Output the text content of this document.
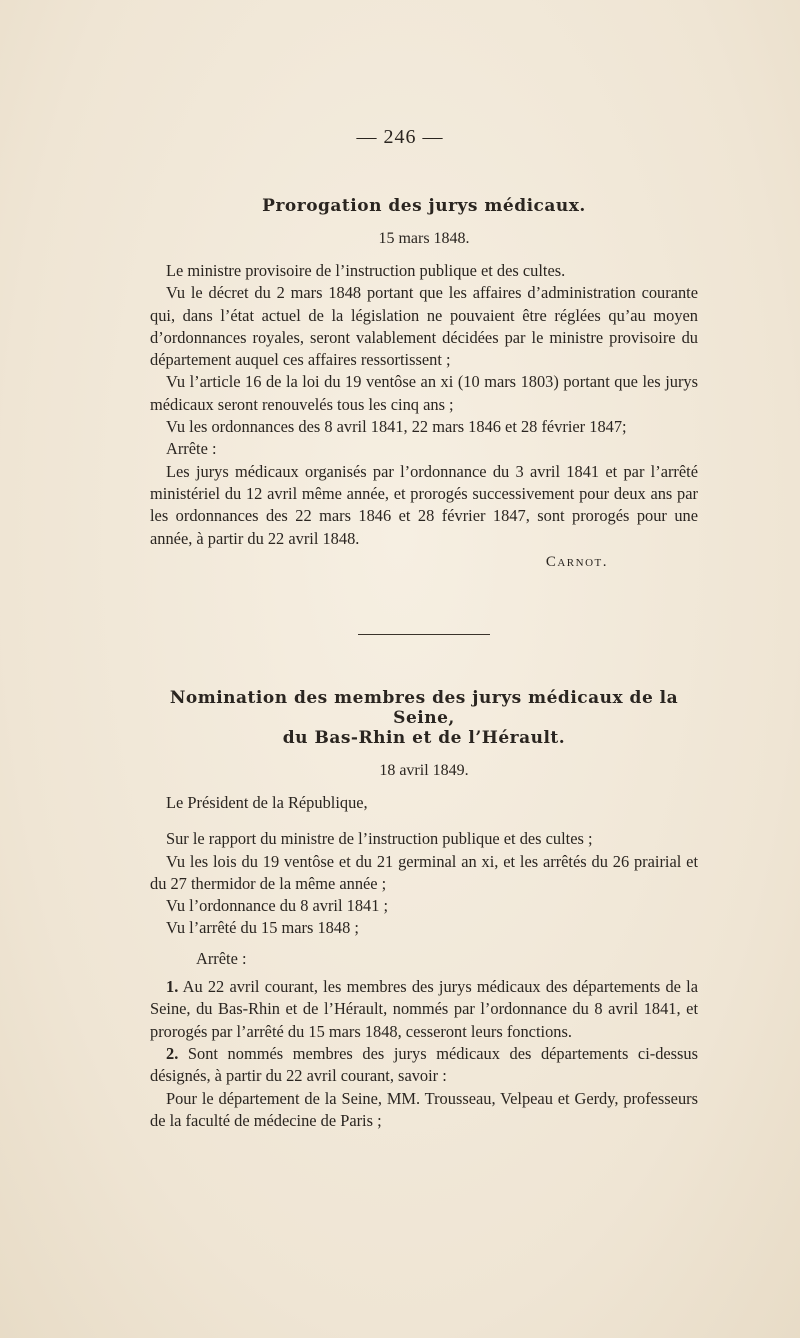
— 246 —
Prorogation des jurys médicaux.
15 mars 1848.

Le ministre provisoire de l’instruction publique et des cultes.

Vu le décret du 2 mars 1848 portant que les affaires d’administration courante qui, dans l’état actuel de la législation ne pouvaient être réglées qu’au moyen d’ordonnances royales, seront valablement décidées par le ministre provisoire du département auquel ces affaires ressortissent ;

Vu l’article 16 de la loi du 19 ventôse an xi (10 mars 1803) portant que les jurys médicaux seront renouvelés tous les cinq ans ;

Vu les ordonnances des 8 avril 1841, 22 mars 1846 et 28 février 1847;

Arrête :

Les jurys médicaux organisés par l’ordonnance du 3 avril 1841 et par l’arrêté ministériel du 12 avril même année, et prorogés successivement pour deux ans par les ordonnances des 22 mars 1846 et 28 février 1847, sont prorogés pour une année, à partir du 22 avril 1848.

Carnot.
Nomination des membres des jurys médicaux de la Seine,
du Bas-Rhin et de l’Hérault.
18 avril 1849.

Le Président de la République,

Sur le rapport du ministre de l’instruction publique et des cultes ;

Vu les lois du 19 ventôse et du 21 germinal an xi, et les arrêtés du 26 prairial et du 27 thermidor de la même année ;

Vu l’ordonnance du 8 avril 1841 ;

Vu l’arrêté du 15 mars 1848 ;

Arrête :

1. Au 22 avril courant, les membres des jurys médicaux des départements de la Seine, du Bas-Rhin et de l’Hérault, nommés par l’ordonnance du 8 avril 1841, et prorogés par l’arrêté du 15 mars 1848, cesseront leurs fonctions.

2. Sont nommés membres des jurys médicaux des départements ci-dessus désignés, à partir du 22 avril courant, savoir :

Pour le département de la Seine, MM. Trousseau, Velpeau et Gerdy, professeurs de la faculté de médecine de Paris ;
